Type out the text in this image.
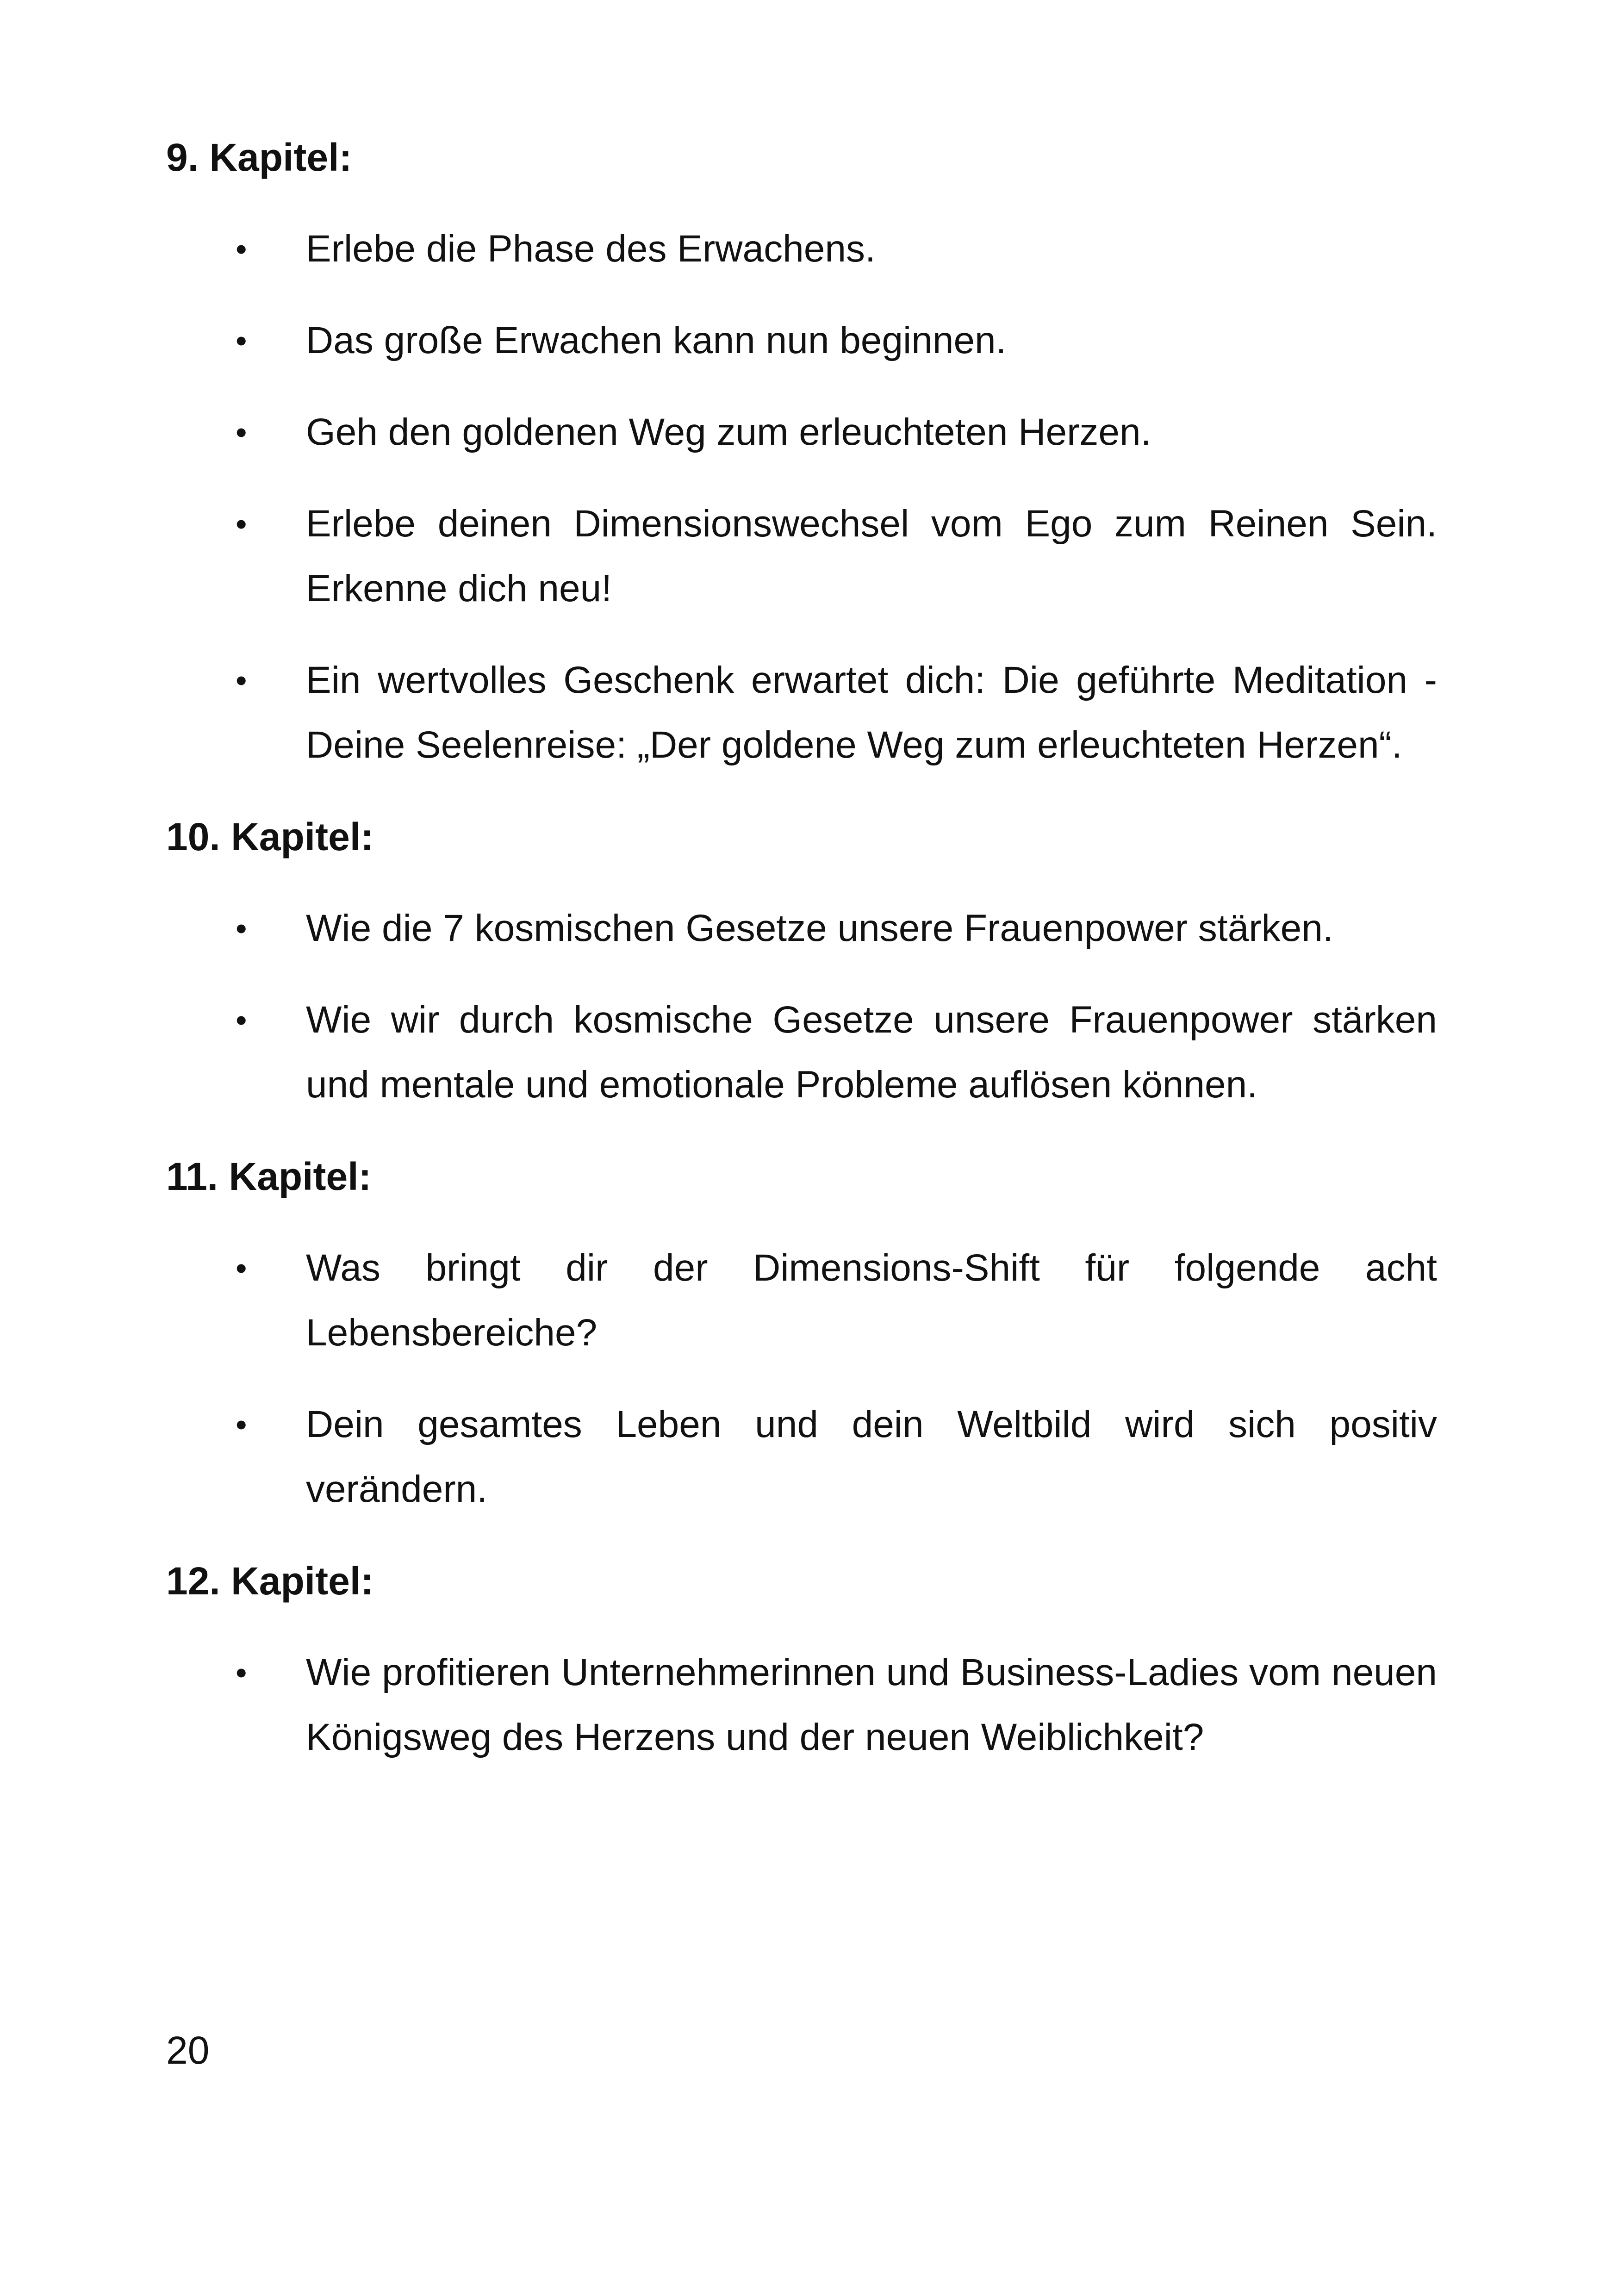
9. Kapitel:
• Erlebe die Phase des Erwachens.
• Das große Erwachen kann nun beginnen.
• Geh den goldenen Weg zum erleuchteten Herzen.
• Erlebe deinen Dimensionswechsel vom Ego zum Reinen Sein. Erkenne dich neu!
• Ein wertvolles Geschenk erwartet dich: Die geführte Meditation - Deine Seelenreise: „Der goldene Weg zum erleuchteten Herzen“.
10. Kapitel:
• Wie die 7 kosmischen Gesetze unsere Frauenpower stärken.
• Wie wir durch kosmische Gesetze unsere Frauenpower stärken und mentale und emotionale Probleme auflösen können.
11. Kapitel:
• Was bringt dir der Dimensions-Shift für folgende acht Lebensbereiche?
• Dein gesamtes Leben und dein Weltbild wird sich positiv verändern.
12. Kapitel:
• Wie profitieren Unternehmerinnen und Business-Ladies vom neuen Königsweg des Herzens und der neuen Weiblichkeit?
20
